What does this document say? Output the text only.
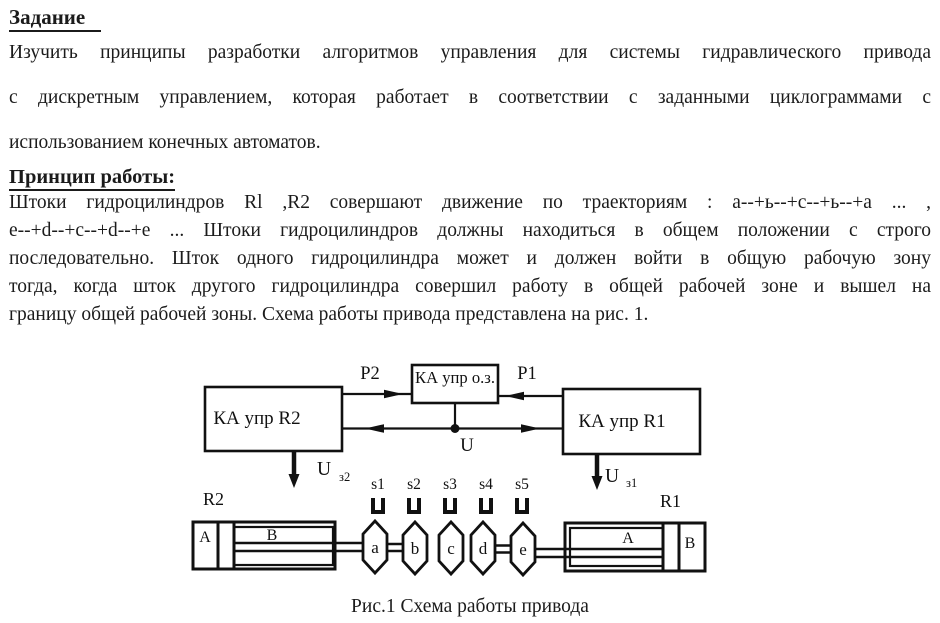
Задание
Изучить принципы разработки алгоритмов управления для системы гидравлического привода
с дискретным управлением, которая работает в соответствии с заданными циклограммами с
использованием конечных автоматов.
Принцип работы:
Штоки гидроцилиндров Rl ,R2 совершают движение по траекториям : a--+ь--+c--+ь--+a ... ,
e--+d--+c--+d--+e ... Штоки гидроцилиндров должны находиться в общем положении с строго
последовательно. Шток одного гидроцилиндра может и должен войти в общую рабочую зону
тогда, когда шток другого гидроцилиндра совершил работу в общей рабочей зоне и вышел на
границу общей рабочей зоны. Схема работы привода представлена на рис. 1.
КА упр R2
КА упр о.з.
КА упр R1
P2	P1
U
U з2	U з1
R2	R1
A	B	A	B
s1 s2 s3 s4 s5
a b c d e
Рис.1 Схема работы привода
